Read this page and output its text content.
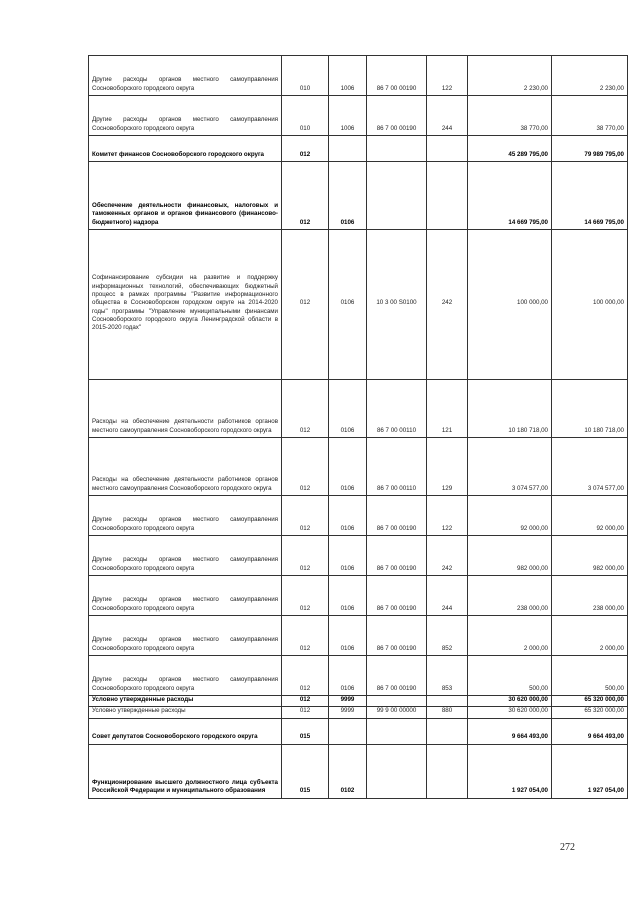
Другие расходы органов местного самоуправления Сосновоборского городского округа	010	1006	86 7 00 00190	122	2 230,00	2 230,00
Другие расходы органов местного самоуправления Сосновоборского городского округа	010	1006	86 7 00 00190	244	38 770,00	38 770,00
Комитет финансов Сосновоборского городского округа	012				45 289 795,00	79 989 795,00
Обеспечение деятельности финансовых, налоговых и таможенных органов и органов финансового (финансово-бюджетного) надзора	012	0106			14 669 795,00	14 669 795,00
Софинансирование субсидии на развитие и поддержку информационных технологий, обеспечивающих бюджетный процесс в рамках программы "Развитие информационного общества в Сосновоборском городском округе на 2014-2020 годы" программы "Управление муниципальными финансами Сосновоборского городского округа Ленинградской области в 2015-2020 годах"	012	0106	10 3 00 S0100	242	100 000,00	100 000,00
Расходы на обеспечение деятельности работников органов местного самоуправления Сосновоборского городского округа	012	0106	86 7 00 00110	121	10 180 718,00	10 180 718,00
Расходы на обеспечение деятельности работников органов местного самоуправления Сосновоборского городского округа	012	0106	86 7 00 00110	129	3 074 577,00	3 074 577,00
Другие расходы органов местного самоуправления Сосновоборского городского округа	012	0106	86 7 00 00190	122	92 000,00	92 000,00
Другие расходы органов местного самоуправления Сосновоборского городского округа	012	0106	86 7 00 00190	242	982 000,00	982 000,00
Другие расходы органов местного самоуправления Сосновоборского городского округа	012	0106	86 7 00 00190	244	238 000,00	238 000,00
Другие расходы органов местного самоуправления Сосновоборского городского округа	012	0106	86 7 00 00190	852	2 000,00	2 000,00
Другие расходы органов местного самоуправления Сосновоборского городского округа	012	0106	86 7 00 00190	853	500,00	500,00
Условно утвержденные расходы	012	9999			30 620 000,00	65 320 000,00
Условно утвержденные расходы	012	9999	99 9 00 00000	880	30 620 000,00	65 320 000,00
Совет депутатов Сосновоборского городского округа	015				9 664 493,00	9 664 493,00
Функционирование высшего должностного лица субъекта Российской Федерации и муниципального образования	015	0102			1 927 054,00	1 927 054,00
272
